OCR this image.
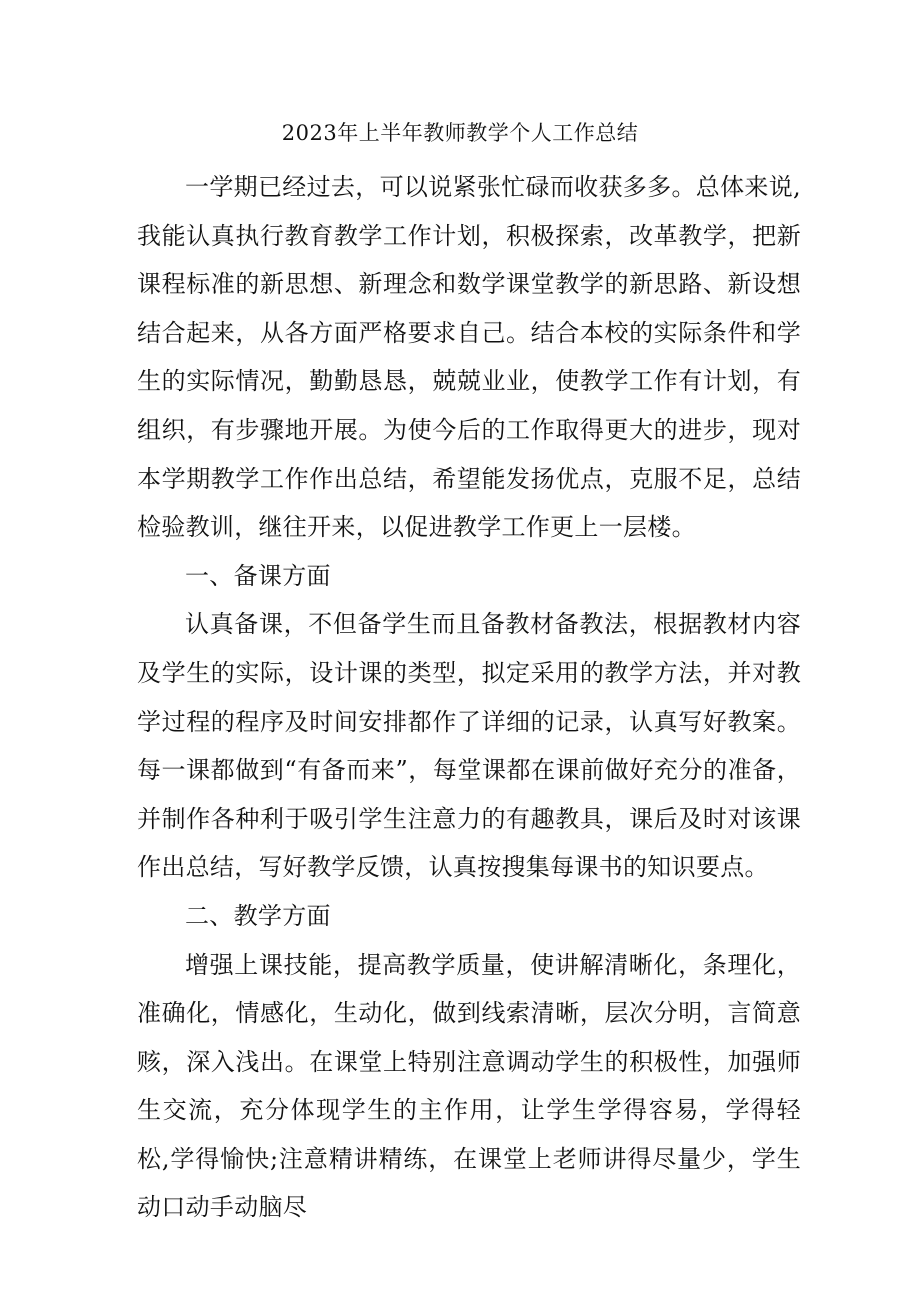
2023年上半年教师教学个人工作总结

一学期已经过去，可以说紧张忙碌而收获多多。总体来说,我能认真执行教育教学工作计划，积极探索，改革教学，把新课程标准的新思想、新理念和数学课堂教学的新思路、新设想结合起来，从各方面严格要求自己。结合本校的实际条件和学生的实际情况，勤勤恳恳，兢兢业业，使教学工作有计划，有组织，有步骤地开展。为使今后的工作取得更大的进步，现对本学期教学工作作出总结，希望能发扬优点，克服不足，总结检验教训，继往开来，以促进教学工作更上一层楼。

一、备课方面

认真备课，不但备学生而且备教材备教法，根据教材内容及学生的实际，设计课的类型，拟定采用的教学方法，并对教学过程的程序及时间安排都作了详细的记录，认真写好教案。每一课都做到“有备而来”，每堂课都在课前做好充分的准备，并制作各种利于吸引学生注意力的有趣教具，课后及时对该课作出总结，写好教学反馈，认真按搜集每课书的知识要点。

二、教学方面

增强上课技能，提高教学质量，使讲解清晰化，条理化，准确化，情感化，生动化，做到线索清晰，层次分明，言简意赅，深入浅出。在课堂上特别注意调动学生的积极性，加强师生交流，充分体现学生的主作用，让学生学得容易，学得轻松,学得愉快;注意精讲精练，在课堂上老师讲得尽量少，学生动口动手动脑尽
